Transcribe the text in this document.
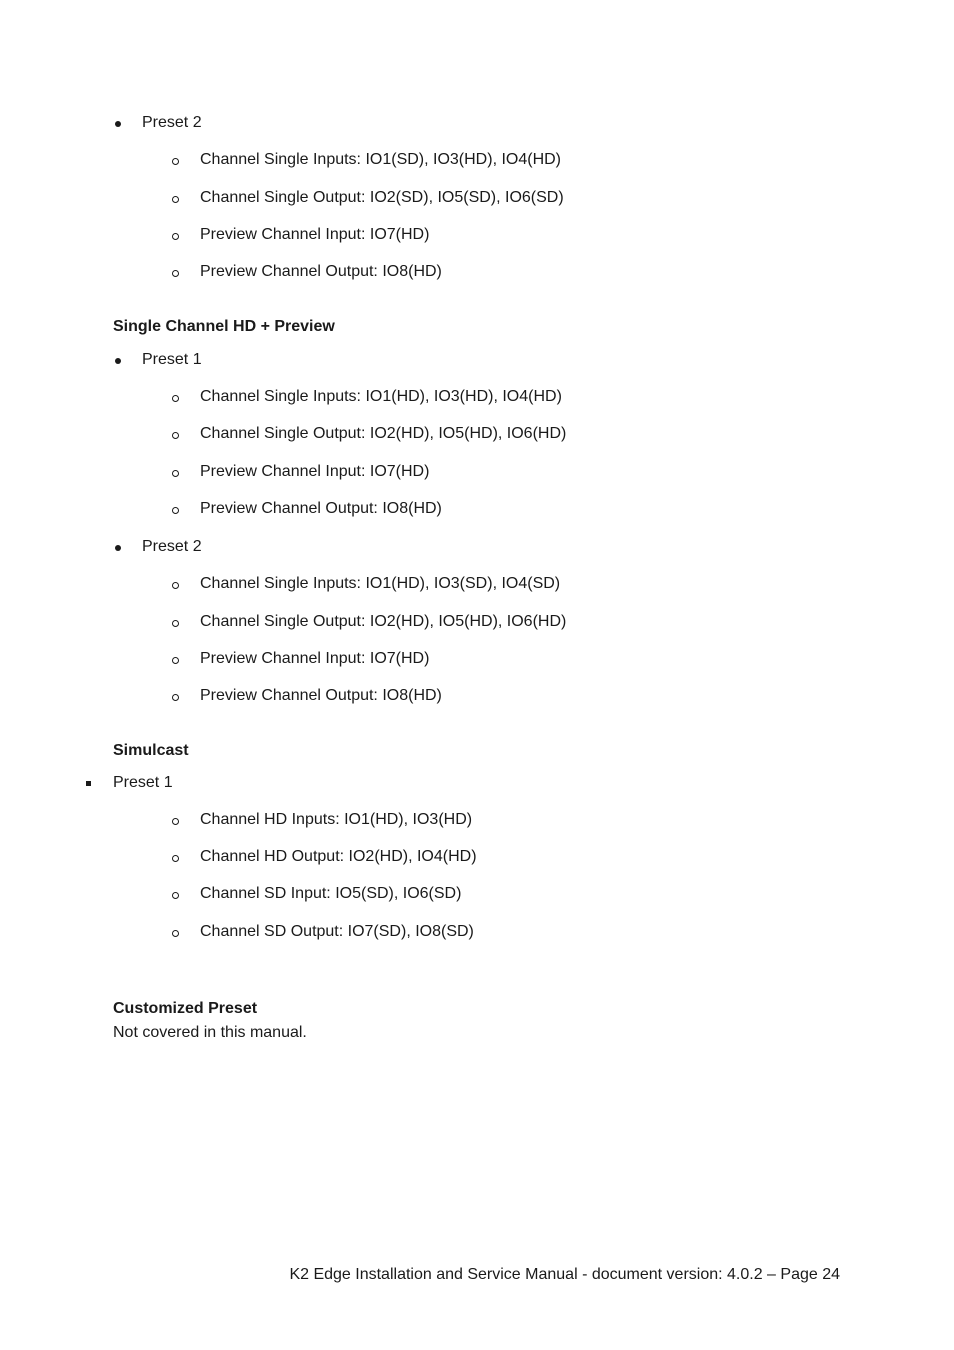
Preset 2
Channel Single Inputs: IO1(SD), IO3(HD), IO4(HD)
Channel Single Output: IO2(SD), IO5(SD), IO6(SD)
Preview Channel Input: IO7(HD)
Preview Channel Output: IO8(HD)
Single Channel HD + Preview
Preset 1
Channel Single Inputs: IO1(HD), IO3(HD), IO4(HD)
Channel Single Output: IO2(HD), IO5(HD), IO6(HD)
Preview Channel Input: IO7(HD)
Preview Channel Output: IO8(HD)
Preset 2
Channel Single Inputs: IO1(HD), IO3(SD), IO4(SD)
Channel Single Output: IO2(HD), IO5(HD), IO6(HD)
Preview Channel Input: IO7(HD)
Preview Channel Output: IO8(HD)
Simulcast
Preset 1
Channel HD Inputs: IO1(HD), IO3(HD)
Channel HD Output: IO2(HD), IO4(HD)
Channel SD Input: IO5(SD), IO6(SD)
Channel SD Output: IO7(SD), IO8(SD)
Customized Preset
Not covered in this manual.
K2 Edge Installation and Service Manual - document version: 4.0.2 – Page 24
